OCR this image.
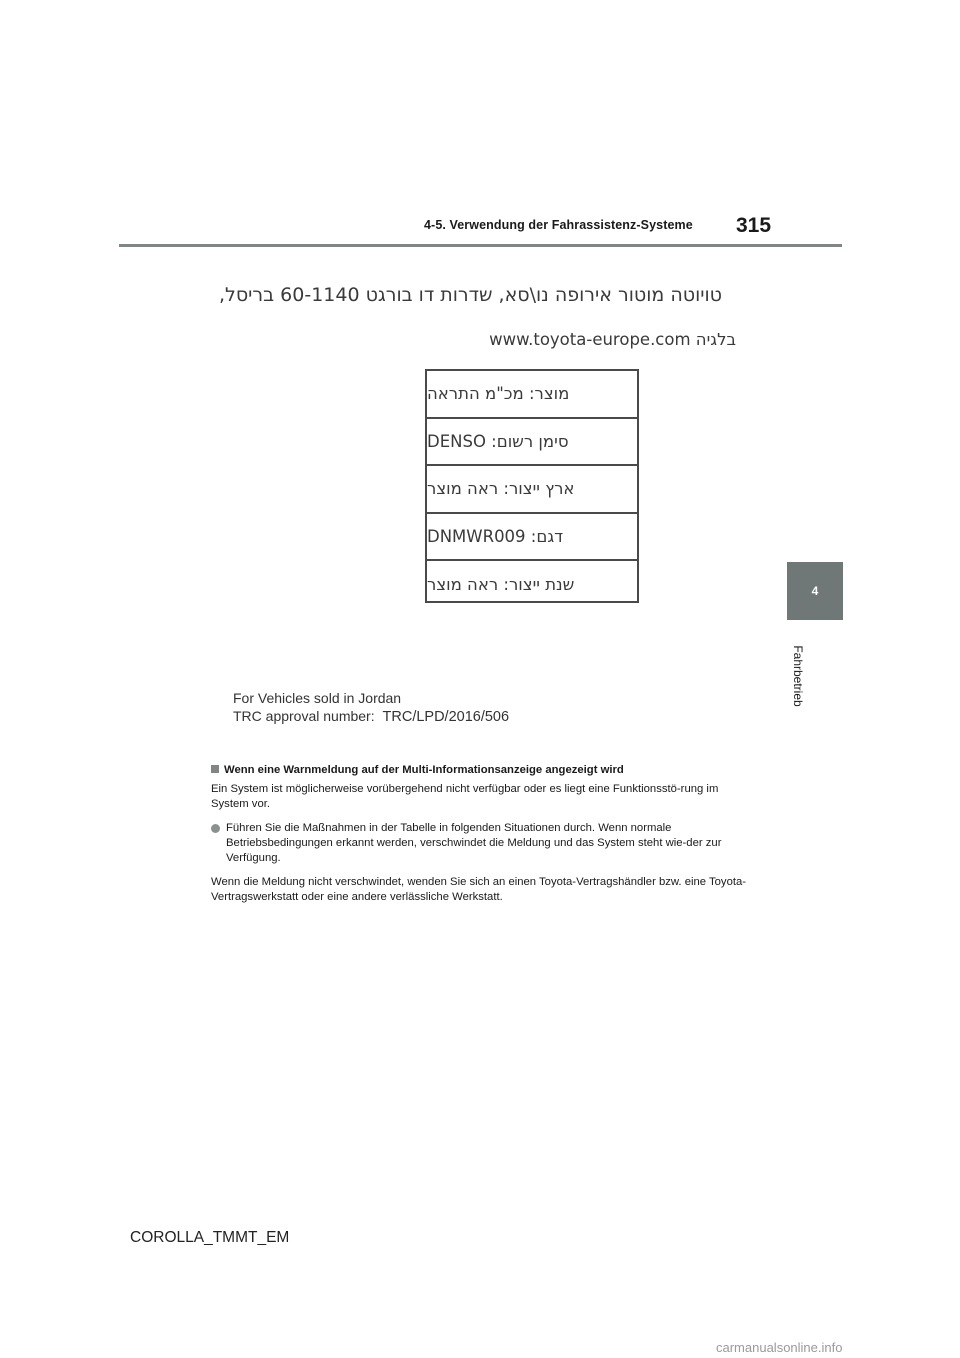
4-5. Verwendung der Fahrassistenz-Systeme 315
4
Fahrbetrieb
טויוטה מוטור אירופה נו\סא, שדרות דו בורגט 60-1140 בריסל,
בלגיה www.toyota-europe.com
מוצר: מכ"מ התראה
סימן רשום: DENSO
ארץ ייצור: ראה מוצר
דגם: DNMWR009
שנת ייצור: ראה מוצר
For Vehicles sold in Jordan
TRC approval number: TRC/LPD/2016/506
Wenn eine Warnmeldung auf der Multi-Informationsanzeige angezeigt wird
Ein System ist möglicherweise vorübergehend nicht verfügbar oder es liegt eine Funktionsstö-rung im System vor.
Führen Sie die Maßnahmen in der Tabelle in folgenden Situationen durch. Wenn normale Betriebsbedingungen erkannt werden, verschwindet die Meldung und das System steht wie-der zur Verfügung.
Wenn die Meldung nicht verschwindet, wenden Sie sich an einen Toyota-Vertragshändler bzw. eine Toyota-Vertragswerkstatt oder eine andere verlässliche Werkstatt.
COROLLA_TMMT_EM
carmanualsonline.info
